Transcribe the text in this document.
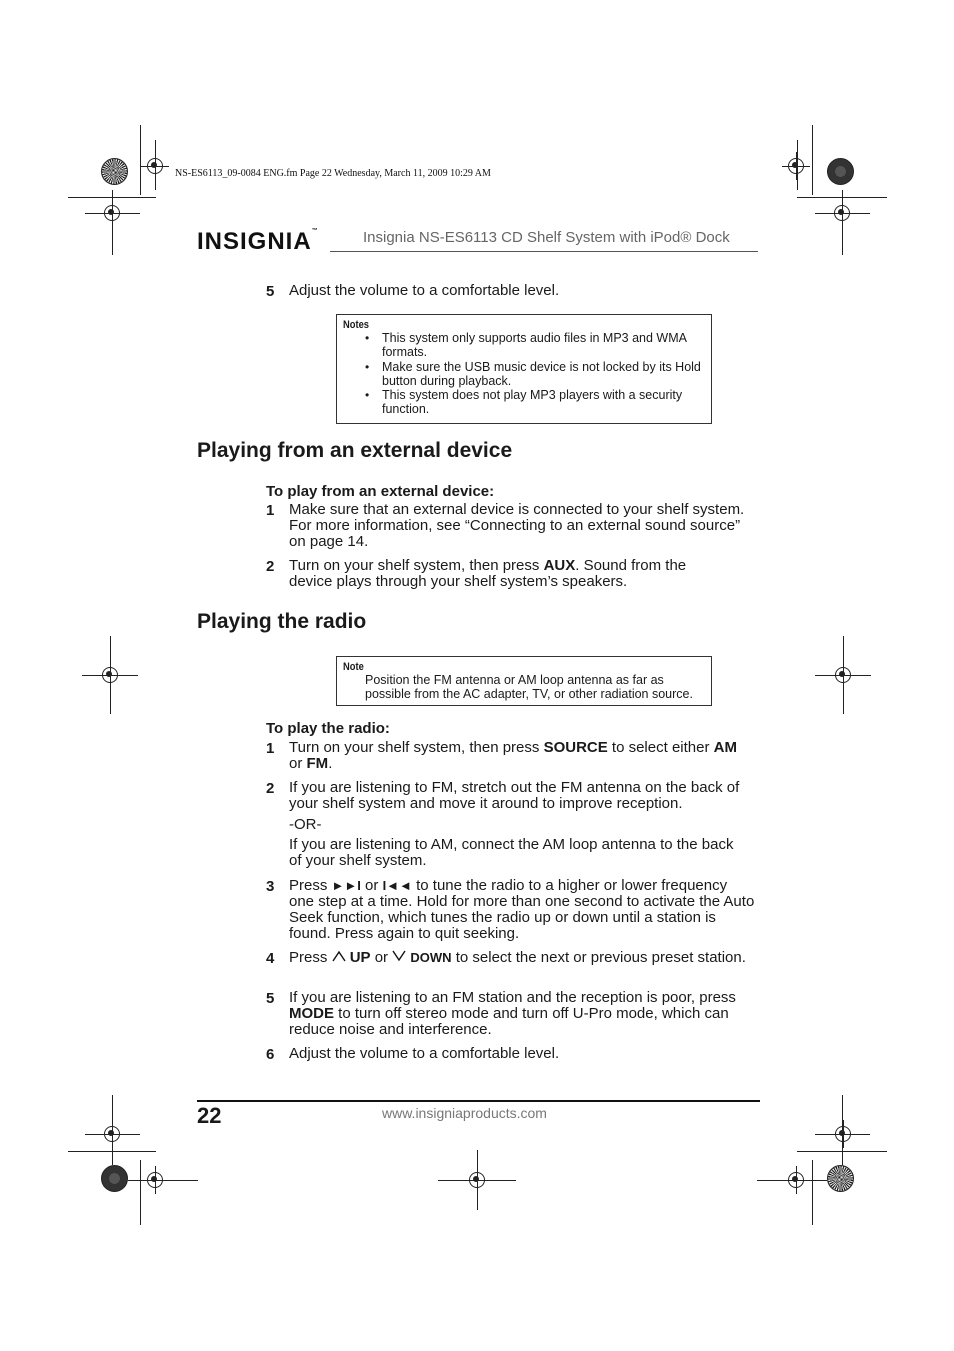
NS-ES6113_09-0084 ENG.fm Page 22 Wednesday, March 11, 2009 10:29 AM
INSIGNIA™	Insignia NS-ES6113 CD Shelf System with iPod® Dock
5 Adjust the volume to a comfortable level.
Notes
• This system only supports audio files in MP3 and WMA formats.
• Make sure the USB music device is not locked by its Hold button during playback.
• This system does not play MP3 players with a security function.
Playing from an external device
To play from an external device:
1 Make sure that an external device is connected to your shelf system. For more information, see “Connecting to an external sound source” on page 14.
2 Turn on your shelf system, then press AUX. Sound from the device plays through your shelf system’s speakers.
Playing the radio
Note
Position the FM antenna or AM loop antenna as far as possible from the AC adapter, TV, or other radiation source.
To play the radio:
1 Turn on your shelf system, then press SOURCE to select either AM or FM.
2 If you are listening to FM, stretch out the FM antenna on the back of your shelf system and move it around to improve reception.
-OR-
If you are listening to AM, connect the AM loop antenna to the back of your shelf system.
3 Press ►►I or I◄◄ to tune the radio to a higher or lower frequency one step at a time. Hold for more than one second to activate the Auto Seek function, which tunes the radio up or down until a station is found. Press again to quit seeking.
4 Press UP or DOWN to select the next or previous preset station.
5 If you are listening to an FM station and the reception is poor, press MODE to turn off stereo mode and turn off U-Pro mode, which can reduce noise and interference.
6 Adjust the volume to a comfortable level.
22	www.insigniaproducts.com
